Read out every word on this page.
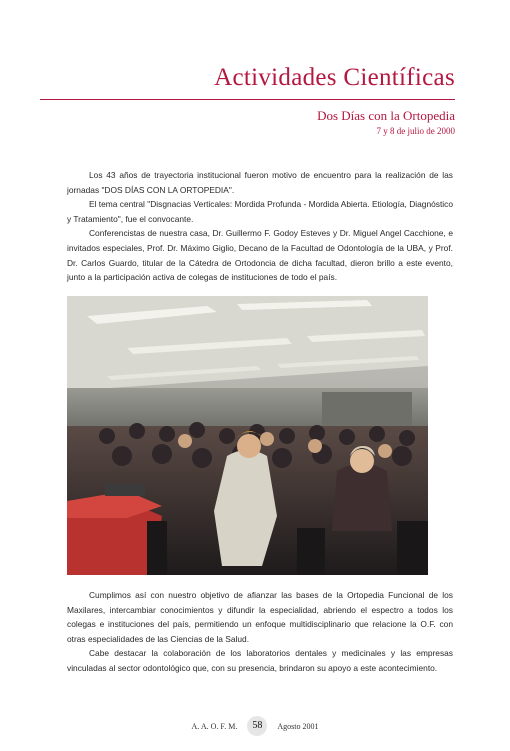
Actividades Científicas
Dos Días con la Ortopedia
7 y 8 de julio de 2000

Los 43 años de trayectoria institucional fueron motivo de encuentro para la realización de las jornadas "DOS DÍAS CON LA ORTOPEDIA".

El tema central "Disgnacias Verticales: Mordida Profunda - Mordida Abierta. Etiología, Diagnóstico y Tratamiento", fue el convocante.

Conferencistas de nuestra casa, Dr. Guillermo F. Godoy Esteves y Dr. Miguel Angel Cacchione, e invitados especiales, Prof. Dr. Máximo Giglio, Decano de la Facultad de Odontología de la UBA, y Prof. Dr. Carlos Guardo, titular de la Cátedra de Ortodoncia de dicha facultad, dieron brillo a este evento, junto a la participación activa de colegas de instituciones de todo el país.

Cumplimos así con nuestro objetivo de afianzar las bases de la Ortopedia Funcional de los Maxilares, intercambiar conocimientos y difundir la especialidad, abriendo el espectro a todos los colegas e instituciones del país, permitiendo un enfoque multidisciplinario que relacione la O.F. con otras especialidades de las Ciencias de la Salud.

Cabe destacar la colaboración de los laboratorios dentales y medicinales y las empresas vinculadas al sector odontológico que, con su presencia, brindaron su apoyo a este acontecimiento.

A. A. O. F. M. 58 Agosto 2001
